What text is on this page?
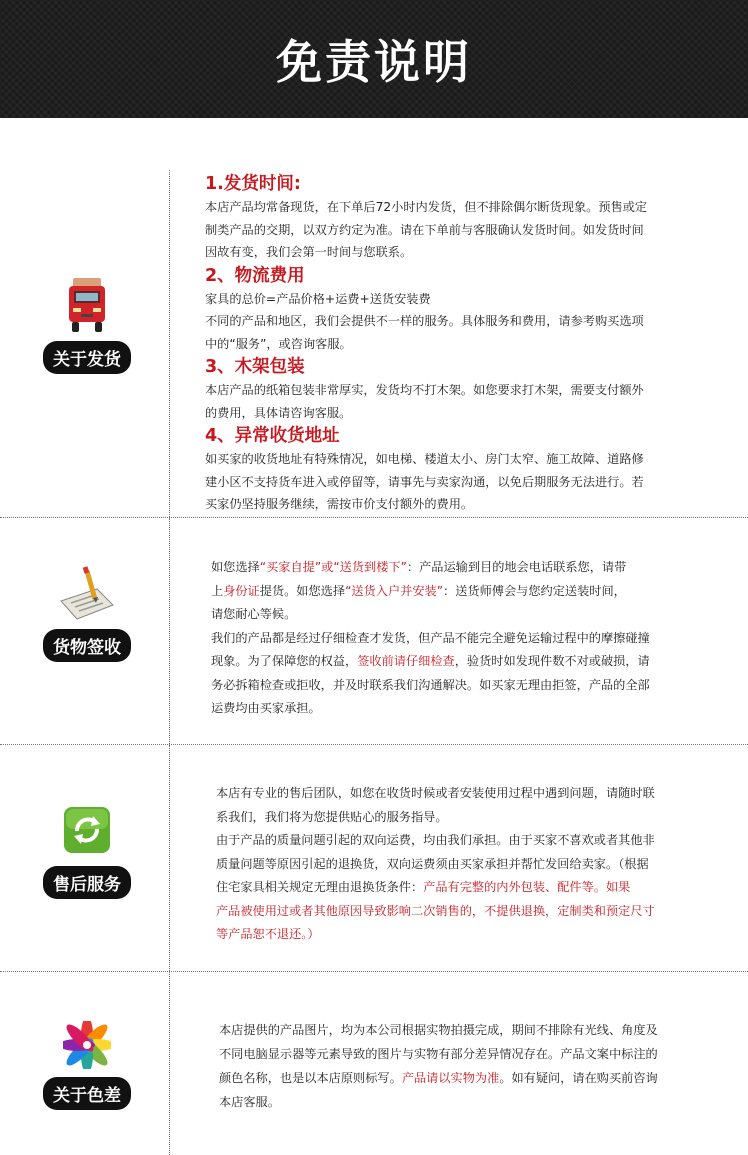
免责说明
关于发货
1.发货时间:

本店产品均常备现货，在下单后72小时内发货，但不排除偶尔断货现象。预售或定

制类产品的交期，以双方约定为准。请在下单前与客服确认发货时间。如发货时间

因故有变，我们会第一时间与您联系。

2、物流费用

家具的总价=产品价格+运费+送货安装费

不同的产品和地区，我们会提供不一样的服务。具体服务和费用，请参考购买选项

中的“服务”，或咨询客服。

3、木架包装

本店产品的纸箱包装非常厚实，发货均不打木架。如您要求打木架，需要支付额外

的费用，具体请咨询客服。

4、异常收货地址

如买家的收货地址有特殊情况，如电梯、楼道太小、房门太窄、施工故障、道路修

建小区不支持货车进入或停留等，请事先与卖家沟通，以免后期服务无法进行。若

买家仍坚持服务继续，需按市价支付额外的费用。

货物签收

如您选择“买家自提”或“送货到楼下”：产品运输到目的地会电话联系您，请带

上身份证提货。如您选择“送货入户并安装”：送货师傅会与您约定送装时间，

请您耐心等候。

我们的产品都是经过仔细检查才发货，但产品不能完全避免运输过程中的摩擦碰撞

现象。为了保障您的权益，签收前请仔细检查，验货时如发现件数不对或破损，请

务必拆箱检查或拒收，并及时联系我们沟通解决。如买家无理由拒签，产品的全部

运费均由买家承担。

售后服务

本店有专业的售后团队，如您在收货时候或者安装使用过程中遇到问题，请随时联

系我们，我们将为您提供贴心的服务指导。

由于产品的质量问题引起的双向运费，均由我们承担。由于买家不喜欢或者其他非

质量问题等原因引起的退换货，双向运费须由买家承担并帮忙发回给卖家。（根据

住宅家具相关规定无理由退换货条件：产品有完整的内外包装、配件等。如果

产品被使用过或者其他原因导致影响二次销售的，不提供退换，定制类和预定尺寸

等产品恕不退还。）

关于色差

本店提供的产品图片，均为本公司根据实物拍摄完成，期间不排除有光线、角度及

不同电脑显示器等元素导致的图片与实物有部分差异情况存在。产品文案中标注的

颜色名称，也是以本店原则标写。产品请以实物为准。如有疑问，请在购买前咨询

本店客服。
